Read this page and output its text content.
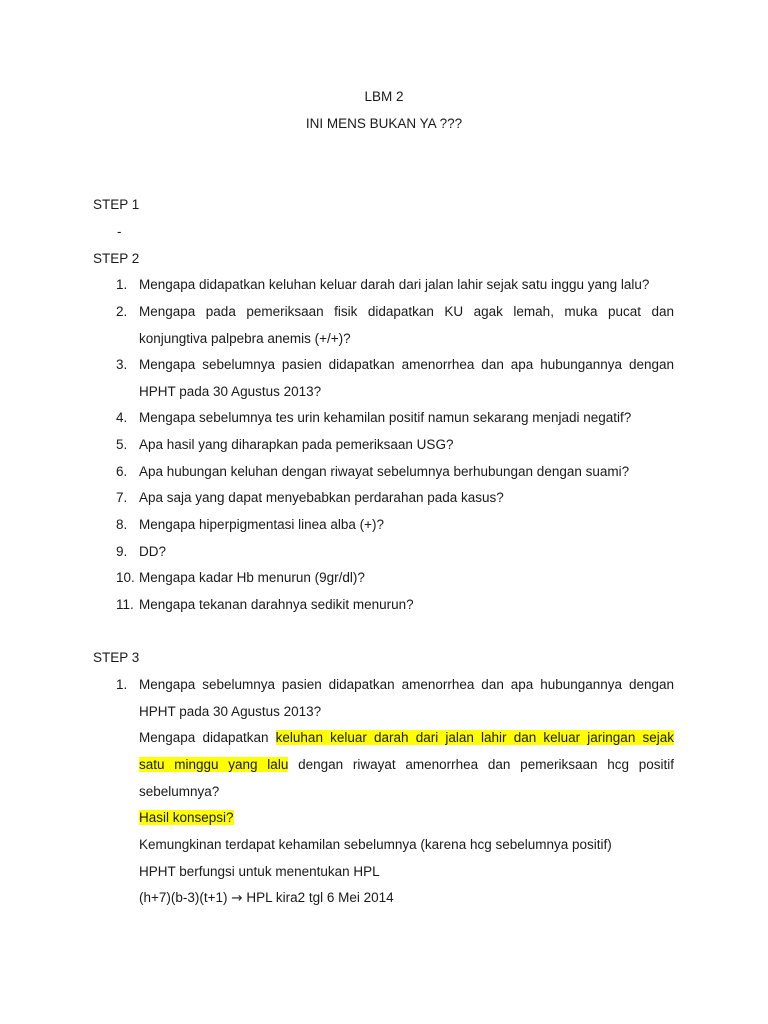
LBM 2
INI MENS BUKAN YA ???
STEP 1
-
STEP 2
1. Mengapa didapatkan keluhan keluar darah dari jalan lahir sejak satu inggu yang lalu?
2. Mengapa pada pemeriksaan fisik didapatkan KU agak lemah, muka pucat dan
konjungtiva palpebra anemis (+/+)?
3. Mengapa sebelumnya pasien didapatkan amenorrhea dan apa hubungannya dengan
HPHT pada 30 Agustus 2013?
4. Mengapa sebelumnya tes urin kehamilan positif namun sekarang menjadi negatif?
5. Apa hasil yang diharapkan pada pemeriksaan USG?
6. Apa hubungan keluhan dengan riwayat sebelumnya berhubungan dengan suami?
7. Apa saja yang dapat menyebabkan perdarahan pada kasus?
8. Mengapa hiperpigmentasi linea alba (+)?
9. DD?
10. Mengapa kadar Hb menurun (9gr/dl)?
11. Mengapa tekanan darahnya sedikit menurun?
STEP 3
1. Mengapa sebelumnya pasien didapatkan amenorrhea dan apa hubungannya dengan
HPHT pada 30 Agustus 2013?
Mengapa didapatkan keluhan keluar darah dari jalan lahir dan keluar jaringan sejak
satu minggu yang lalu dengan riwayat amenorrhea dan pemeriksaan hcg positif
sebelumnya?
Hasil konsepsi?
Kemungkinan terdapat kehamilan sebelumnya (karena hcg sebelumnya positif)
HPHT berfungsi untuk menentukan HPL
(h+7)(b-3)(t+1) → HPL kira2 tgl 6 Mei 2014
